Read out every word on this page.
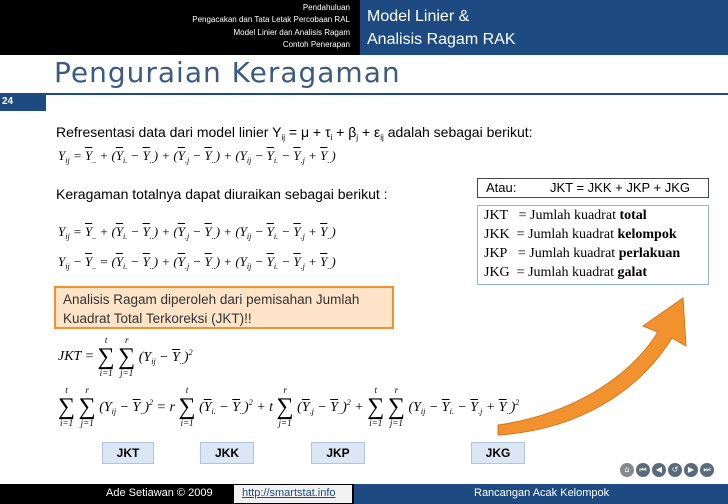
Pendahuluan
Pengacakan dan Tata Letak Percobaan RAL
Model Linier dan Analisis Ragam
Contoh Penerapan
Model Linier &
Analisis Ragam RAK
Penguraian Keragaman
24
Refresentasi data dari model linier $Y_{ij} = \mu + \tau_i + \beta_j + \varepsilon_{ij}$ adalah sebagai berikut:
$Y_{ij} = \overline{Y}_{..} + (\overline{Y}_{i.} - \overline{Y}_{..}) + (\overline{Y}_{.j} - \overline{Y}_{..}) + (Y_{ij} - \overline{Y}_{i.} - \overline{Y}_{.j} + \overline{Y}_{..})$
Keragaman totalnya dapat diuraikan sebagai berikut :	Atau:	JKT = JKK + JKP + JKG
$Y_{ij} = \overline{Y}_{..} + (\overline{Y}_{i.} - \overline{Y}_{..}) + (\overline{Y}_{.j} - \overline{Y}_{..}) + (Y_{ij} - \overline{Y}_{i.} - \overline{Y}_{.j} + \overline{Y}_{..})$
$Y_{ij} - \overline{Y}_{..} = (\overline{Y}_{i.} - \overline{Y}_{..}) + (\overline{Y}_{.j} - \overline{Y}_{..}) + (Y_{ij} - \overline{Y}_{i.} - \overline{Y}_{.j} + \overline{Y}_{..})$
JKT = Jumlah kuadrat total
JKK = Jumlah kuadrat kelompok
JKP = Jumlah kuadrat perlakuan
JKG = Jumlah kuadrat galat
Analisis Ragam diperoleh dari pemisahan Jumlah Kuadrat Total Terkoreksi (JKT)!!
JKT = t
∑
i=1 r
∑
j=1 $(Y_{ij} - \overline{Y}_{..})^2$
t
∑
i=1 r
∑
j=1 $(Y_{ij} - \overline{Y}_{..})^2 = r$ t
∑
i=1 $(\overline{Y}_{i.} - \overline{Y}_{..})^2 + t$ r
∑
j=1 $(\overline{Y}_{.j} - \overline{Y}_{..})^2 + t$
∑
i=1 r
∑
j=1 $(Y_{ij} - \overline{Y}_{i.} - \overline{Y}_{.j} + \overline{Y}_{..})^2$
JKT	JKK	JKP	JKG
⌂	⏮	◀	↺	▶	⏭
Ade Setiawan © 2009	http://smartstat.info	Rancangan Acak Kelompok
